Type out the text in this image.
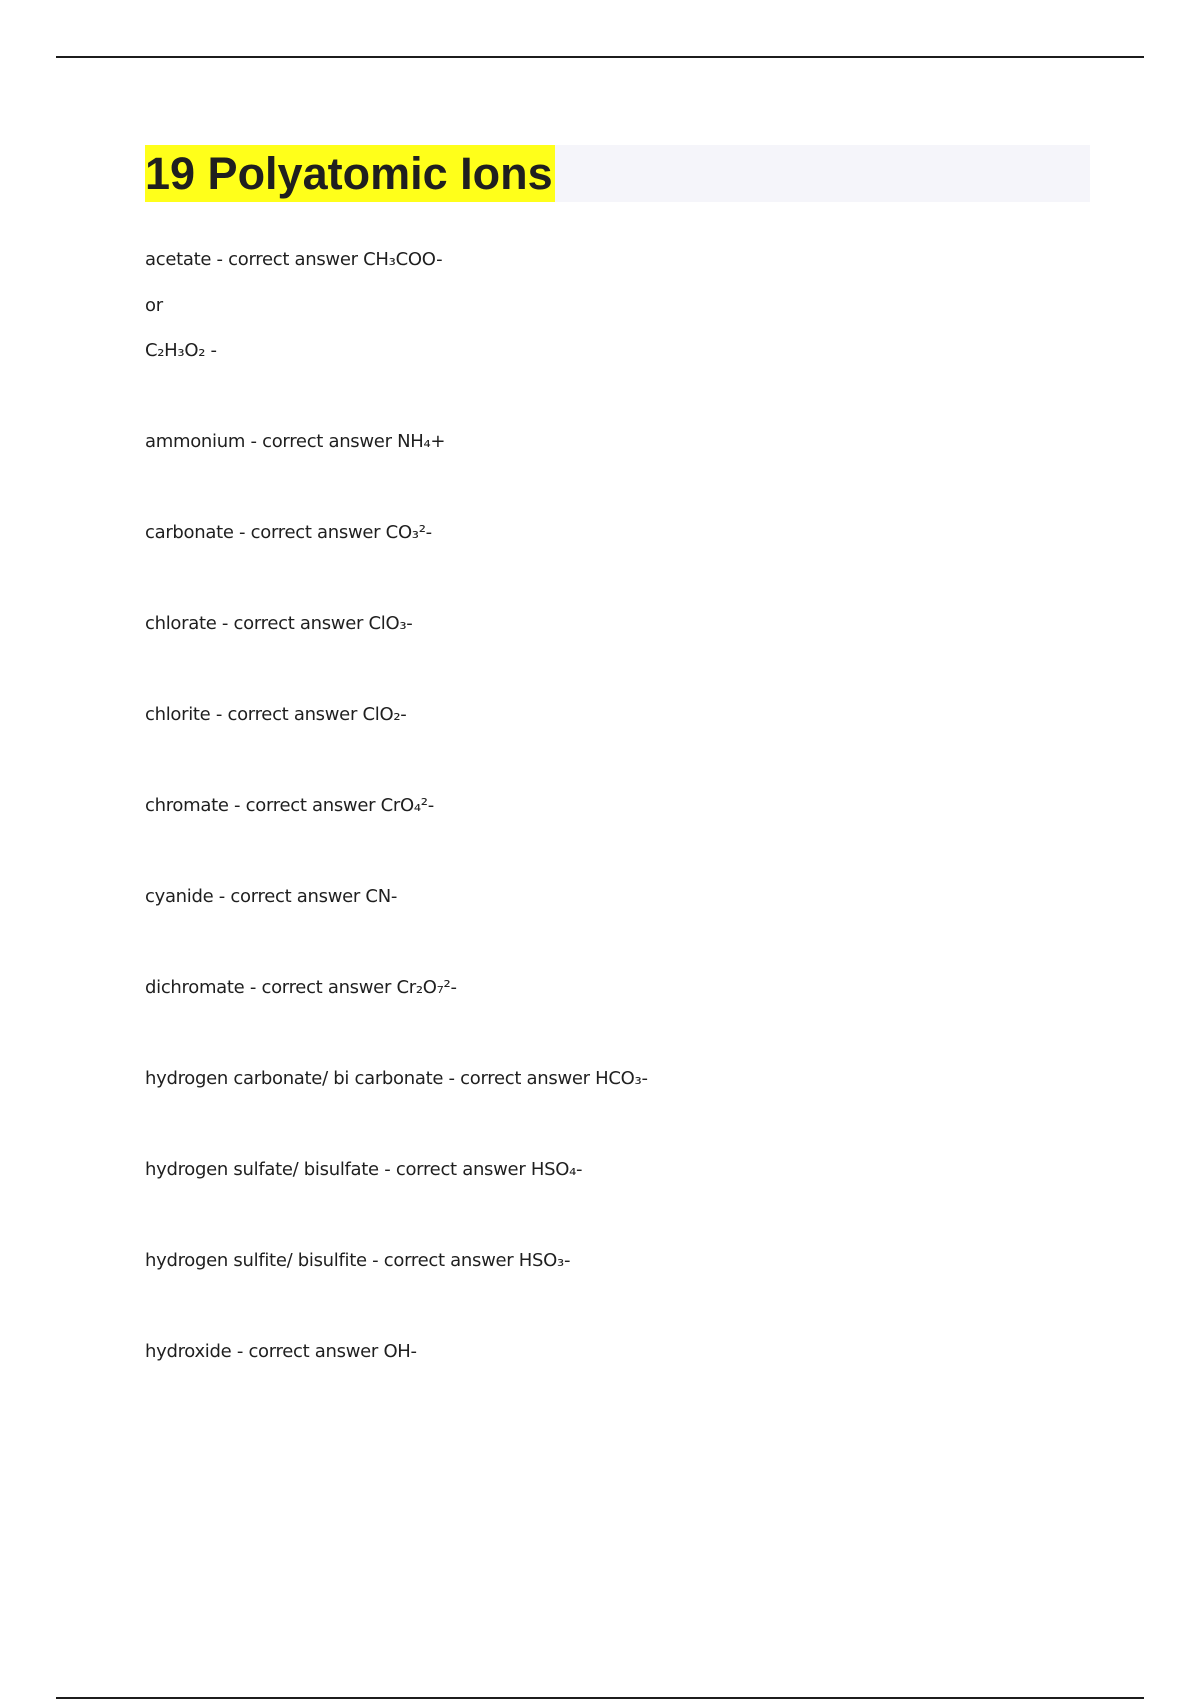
19 Polyatomic Ions

acetate - correct answer CH₃COO-

or

C₂H₃O₂ -

ammonium - correct answer NH₄+

carbonate - correct answer CO₃²-

chlorate - correct answer ClO₃-

chlorite - correct answer ClO₂-

chromate - correct answer CrO₄²-

cyanide - correct answer CN-

dichromate - correct answer Cr₂O₇²-

hydrogen carbonate/ bi carbonate - correct answer HCO₃-

hydrogen sulfate/ bisulfate - correct answer HSO₄-

hydrogen sulfite/ bisulfite - correct answer HSO₃-

hydroxide - correct answer OH-
